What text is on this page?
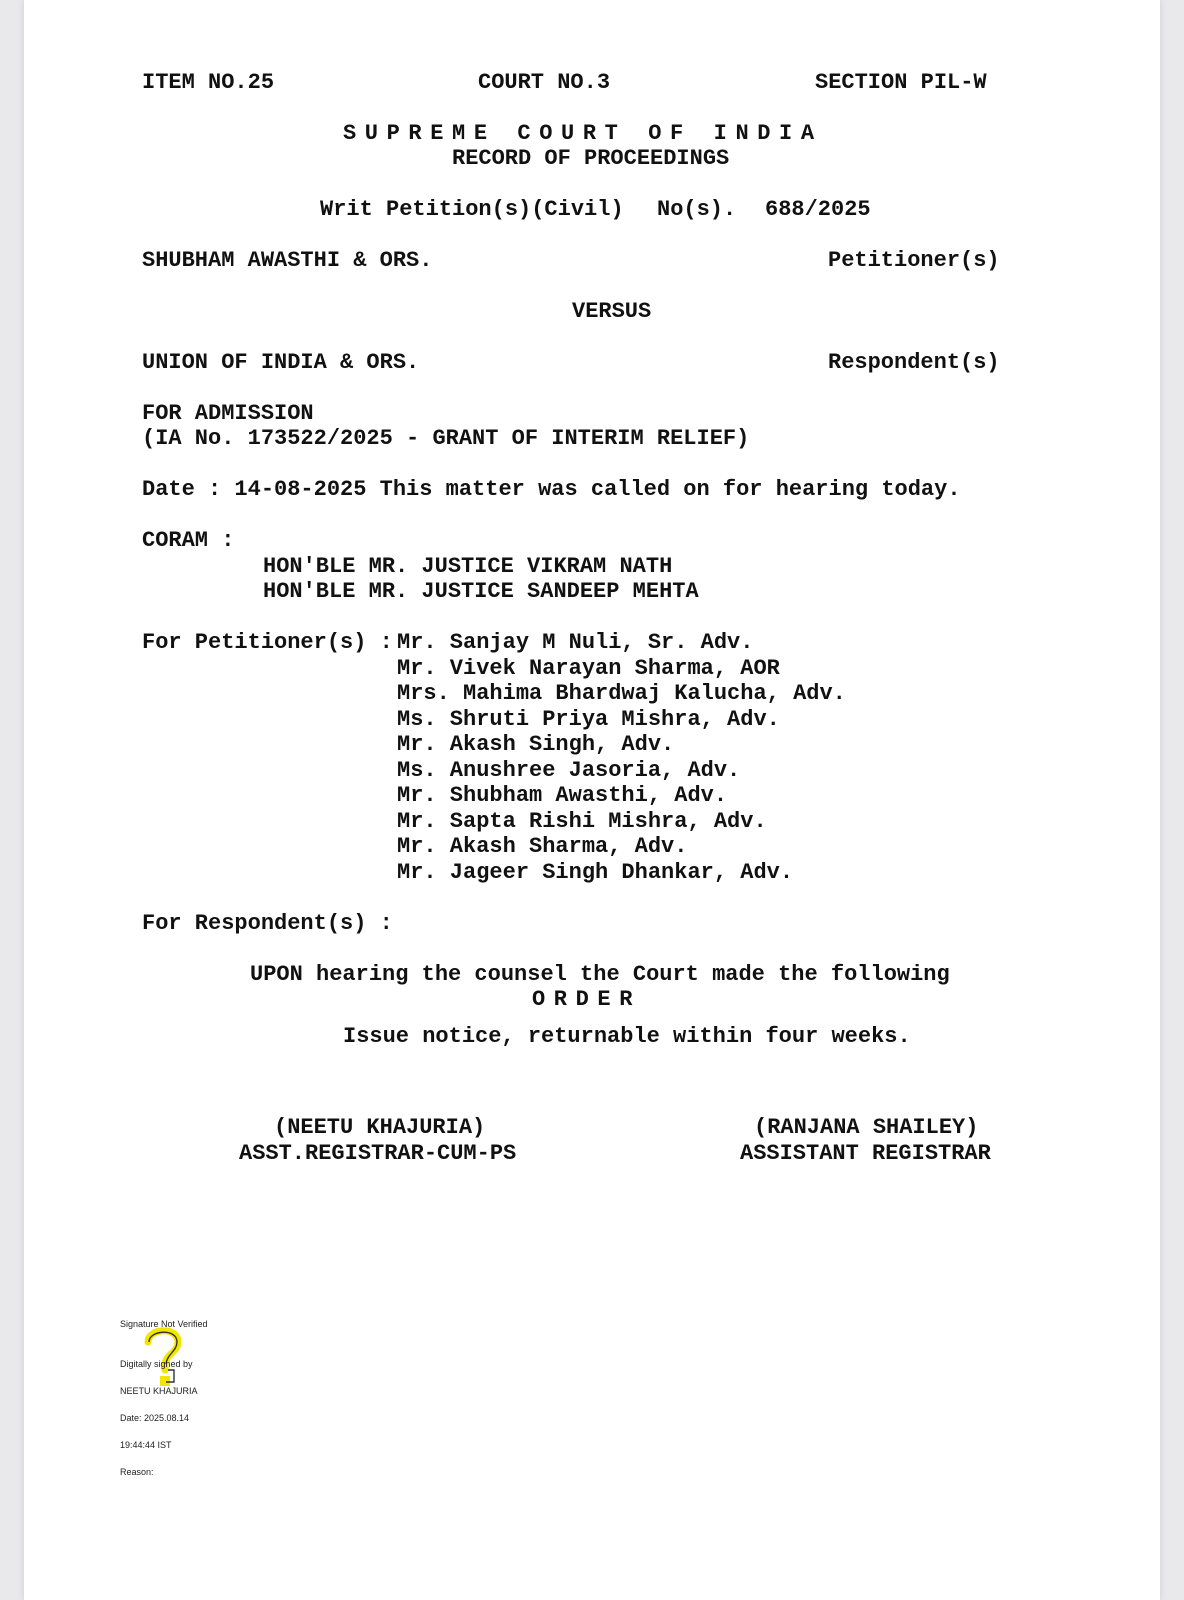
ITEM NO.25	COURT NO.3	SECTION PIL-W
SUPREME COURT OF INDIA
RECORD OF PROCEEDINGS
Writ Petition(s)(Civil) No(s). 688/2025
SHUBHAM AWASTHI & ORS.	Petitioner(s)
VERSUS
UNION OF INDIA & ORS.	Respondent(s)
FOR ADMISSION
(IA No. 173522/2025 - GRANT OF INTERIM RELIEF)
Date : 14-08-2025 This matter was called on for hearing today.
CORAM :
HON'BLE MR. JUSTICE VIKRAM NATH
HON'BLE MR. JUSTICE SANDEEP MEHTA
For Petitioner(s) : Mr. Sanjay M Nuli, Sr. Adv.
Mr. Vivek Narayan Sharma, AOR
Mrs. Mahima Bhardwaj Kalucha, Adv.
Ms. Shruti Priya Mishra, Adv.
Mr. Akash Singh, Adv.
Ms. Anushree Jasoria, Adv.
Mr. Shubham Awasthi, Adv.
Mr. Sapta Rishi Mishra, Adv.
Mr. Akash Sharma, Adv.
Mr. Jageer Singh Dhankar, Adv.
For Respondent(s) :
UPON hearing the counsel the Court made the following
ORDER
Issue notice, returnable within four weeks.
(NEETU KHAJURIA)
ASST.REGISTRAR-CUM-PS
(RANJANA SHAILEY)
ASSISTANT REGISTRAR
Signature Not Verified

Digitally signed by

NEETU KHAJURIA

Date: 2025.08.14

19:44:44 IST

Reason:
